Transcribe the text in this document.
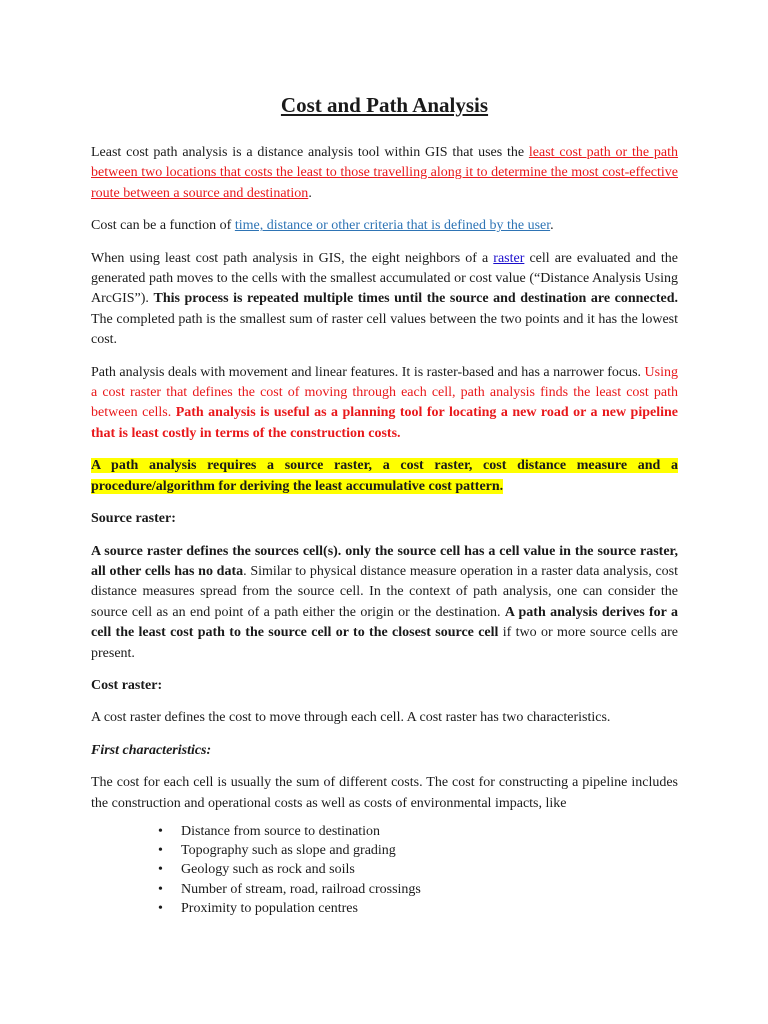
Cost and Path Analysis

Least cost path analysis is a distance analysis tool within GIS that uses the least cost path or the path between two locations that costs the least to those travelling along it to determine the most cost-effective route between a source and destination.

Cost can be a function of time, distance or other criteria that is defined by the user.

When using least cost path analysis in GIS, the eight neighbors of a raster cell are evaluated and the generated path moves to the cells with the smallest accumulated or cost value (“Distance Analysis Using ArcGIS”). This process is repeated multiple times until the source and destination are connected. The completed path is the smallest sum of raster cell values between the two points and it has the lowest cost.

Path analysis deals with movement and linear features. It is raster-based and has a narrower focus. Using a cost raster that defines the cost of moving through each cell, path analysis finds the least cost path between cells. Path analysis is useful as a planning tool for locating a new road or a new pipeline that is least costly in terms of the construction costs.

A path analysis requires a source raster, a cost raster, cost distance measure and a procedure/algorithm for deriving the least accumulative cost pattern.

Source raster:

A source raster defines the sources cell(s). only the source cell has a cell value in the source raster, all other cells has no data. Similar to physical distance measure operation in a raster data analysis, cost distance measures spread from the source cell. In the context of path analysis, one can consider the source cell as an end point of a path either the origin or the destination. A path analysis derives for a cell the least cost path to the source cell or to the closest source cell if two or more source cells are present.

Cost raster:

A cost raster defines the cost to move through each cell. A cost raster has two characteristics.

First characteristics:

The cost for each cell is usually the sum of different costs. The cost for constructing a pipeline includes the construction and operational costs as well as costs of environmental impacts, like

• Distance from source to destination
• Topography such as slope and grading
• Geology such as rock and soils
• Number of stream, road, railroad crossings
• Proximity to population centres
